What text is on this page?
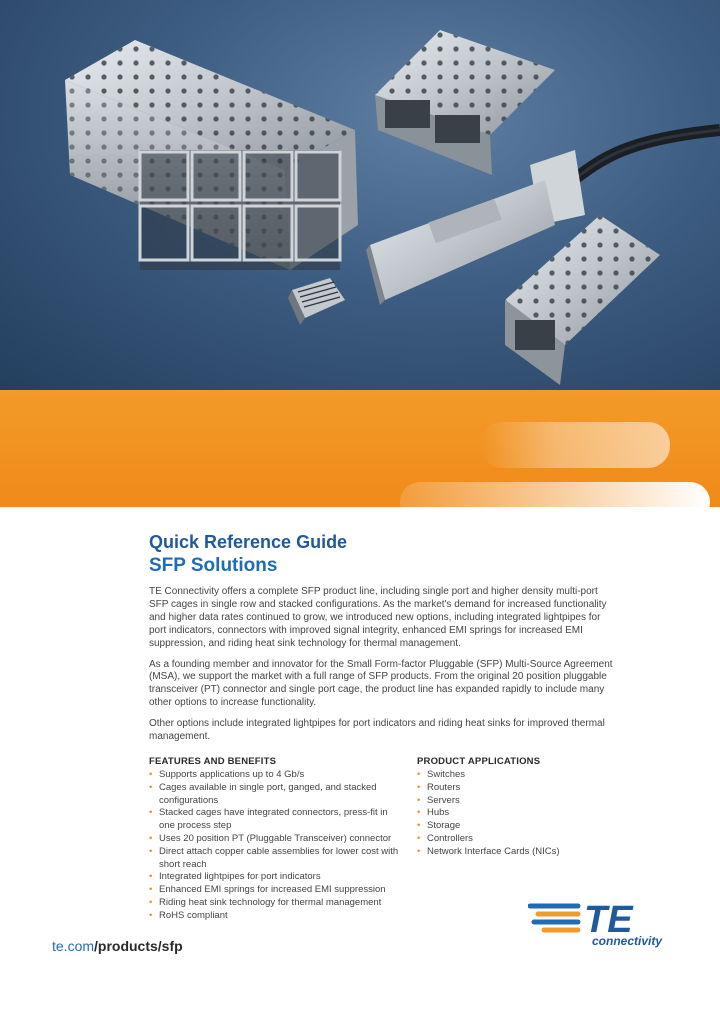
Quick Reference Guide
SFP Solutions

TE Connectivity offers a complete SFP product line, including single port and higher density multi-port SFP cages in single row and stacked configurations. As the market's demand for increased functionality and higher data rates continued to grow, we introduced new options, including integrated lightpipes for port indicators, connectors with improved signal integrity, enhanced EMI springs for increased EMI suppression, and riding heat sink technology for thermal management.

As a founding member and innovator for the Small Form-factor Pluggable (SFP) Multi-Source Agreement (MSA), we support the market with a full range of SFP products. From the original 20 position pluggable transceiver (PT) connector and single port cage, the product line has expanded rapidly to include many other options to increase functionality.

Other options include integrated lightpipes for port indicators and riding heat sinks for improved thermal management.

FEATURES AND BENEFITS
• Supports applications up to 4 Gb/s
• Cages available in single port, ganged, and stacked configurations
• Stacked cages have integrated connectors, press-fit in one process step
• Uses 20 position PT (Pluggable Transceiver) connector
• Direct attach copper cable assemblies for lower cost with short reach
• Integrated lightpipes for port indicators
• Enhanced EMI springs for increased EMI suppression
• Riding heat sink technology for thermal management
• RoHS compliant
PRODUCT APPLICATIONS
• Switches
• Routers
• Servers
• Hubs
• Storage
• Controllers
• Network Interface Cards (NICs)
te.com/products/sfp
TE
connectivity
